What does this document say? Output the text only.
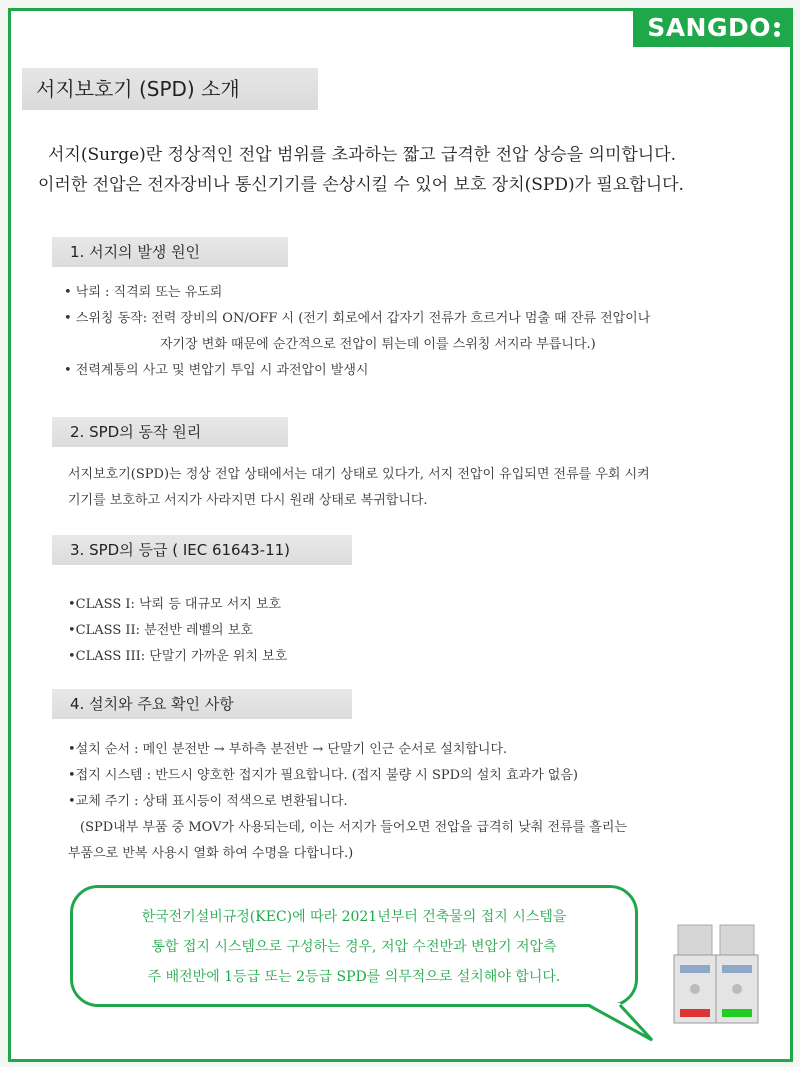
SANGDO
서지보호기 (SPD) 소개
서지(Surge)란 정상적인 전압 범위를 초과하는 짧고 급격한 전압 상승을 의미합니다.
이러한 전압은 전자장비나 통신기기를 손상시킬 수 있어 보호 장치(SPD)가 필요합니다.
1. 서지의 발생 원인
• 낙뢰 : 직격뢰 또는 유도뢰
• 스위칭 동작: 전력 장비의 ON/OFF 시 (전기 회로에서 갑자기 전류가 흐르거나 멈출 때 잔류 전압이나
자기장 변화 때문에 순간적으로 전압이 튀는데 이를 스위칭 서지라 부릅니다.)
• 전력계통의 사고 및 변압기 투입 시 과전압이 발생시
2. SPD의 동작 원리
서지보호기(SPD)는 정상 전압 상태에서는 대기 상태로 있다가, 서지 전압이 유입되면 전류를 우회 시켜
기기를 보호하고 서지가 사라지면 다시 원래 상태로 복귀합니다.
3. SPD의 등급 ( IEC 61643-11)
•CLASS I: 낙뢰 등 대규모 서지 보호
•CLASS II: 분전반 레벨의 보호
•CLASS III: 단말기 가까운 위치 보호
4. 설치와 주요 확인 사항
•설치 순서 : 메인 분전반 → 부하측 분전반 → 단말기 인근 순서로 설치합니다.
•접지 시스템 : 반드시 양호한 접지가 필요합니다. (접지 불량 시 SPD의 설치 효과가 없음)
•교체 주기 : 상태 표시등이 적색으로 변환됩니다.
(SPD내부 부품 중 MOV가 사용되는데, 이는 서지가 들어오면 전압을 급격히 낮춰 전류를 흘리는
부품으로 반복 사용시 열화 하여 수명을 다합니다.)
한국전기설비규정(KEC)에 따라 2021년부터 건축물의 접지 시스템을
통합 접지 시스템으로 구성하는 경우, 저압 수전반과 변압기 저압측
주 배전반에 1등급 또는 2등급 SPD를 의무적으로 설치해야 합니다.
